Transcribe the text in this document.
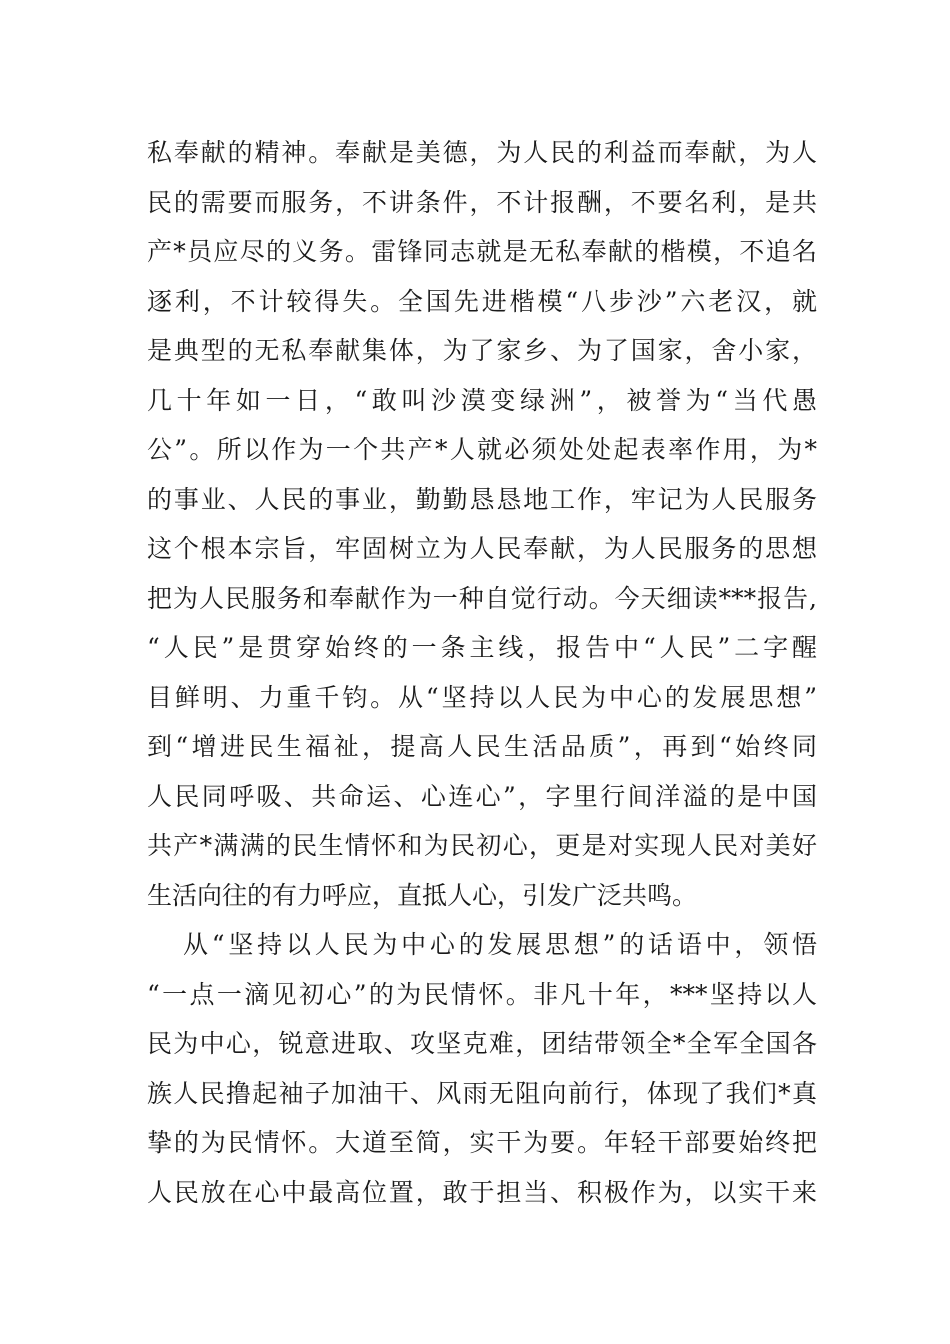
私奉献的精神。奉献是美德，为人民的利益而奉献，为人
民的需要而服务，不讲条件，不计报酬，不要名利，是共
产*员应尽的义务。雷锋同志就是无私奉献的楷模，不追名
逐利，不计较得失。全国先进楷模“八步沙”六老汉，就
是典型的无私奉献集体，为了家乡、为了国家，舍小家，
几十年如一日，“敢叫沙漠变绿洲”，被誉为“当代愚
公”。所以作为一个共产*人就必须处处起表率作用，为*
的事业、人民的事业，勤勤恳恳地工作，牢记为人民服务
这个根本宗旨，牢固树立为人民奉献，为人民服务的思想
把为人民服务和奉献作为一种自觉行动。今天细读***报告,
“人民”是贯穿始终的一条主线，报告中“人民”二字醒
目鲜明、力重千钧。从“坚持以人民为中心的发展思想”
到“增进民生福祉，提高人民生活品质”，再到“始终同
人民同呼吸、共命运、心连心”，字里行间洋溢的是中国
共产*满满的民生情怀和为民初心，更是对实现人民对美好
生活向往的有力呼应，直抵人心，引发广泛共鸣。
从“坚持以人民为中心的发展思想”的话语中，领悟
“一点一滴见初心”的为民情怀。非凡十年，***坚持以人
民为中心，锐意进取、攻坚克难，团结带领全*全军全国各
族人民撸起袖子加油干、风雨无阻向前行，体现了我们*真
挚的为民情怀。大道至简，实干为要。年轻干部要始终把
人民放在心中最高位置，敢于担当、积极作为，以实干来
